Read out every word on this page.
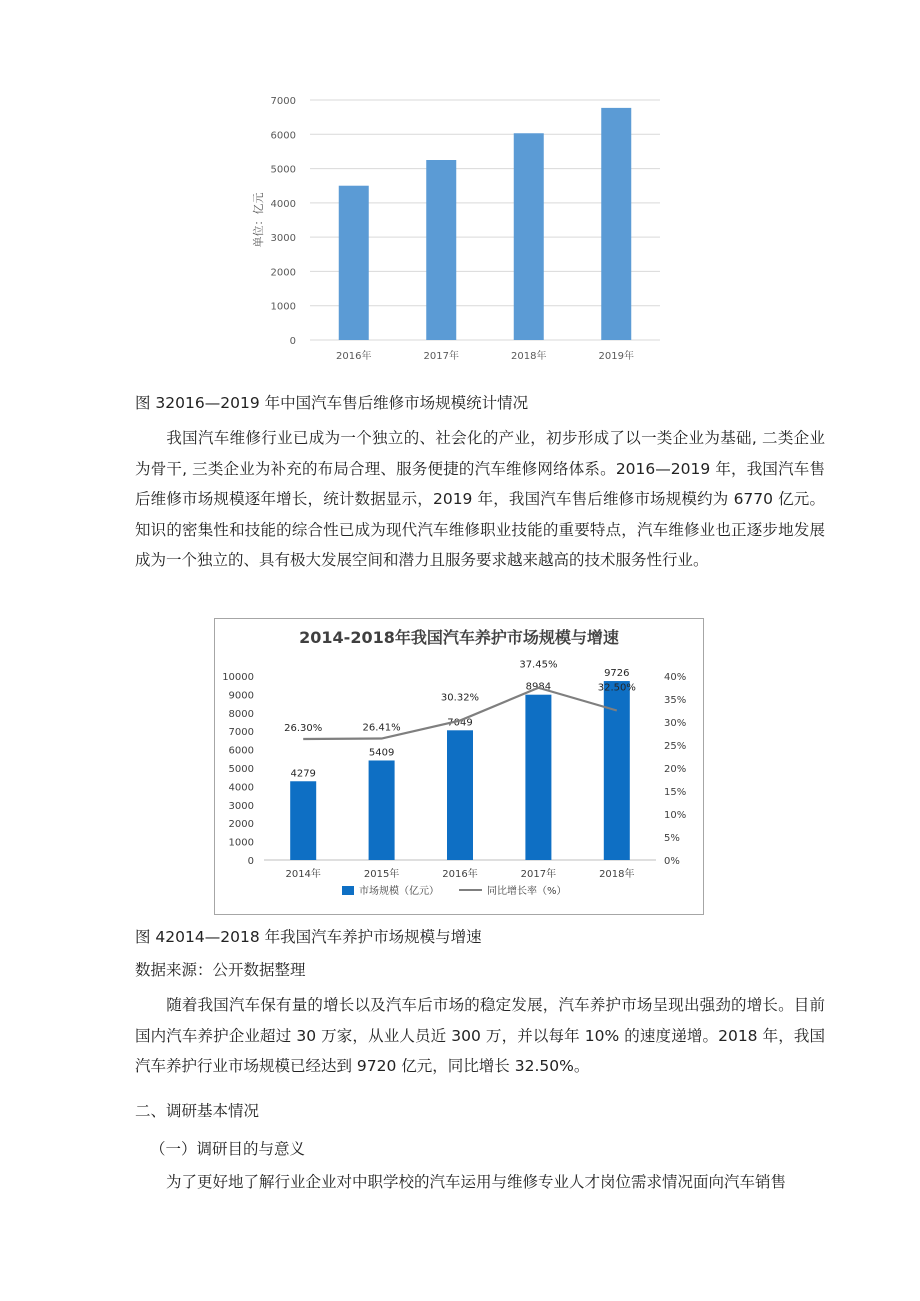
0
1000
2000
3000
4000
5000
6000
7000
2016年	2017年	2018年	2019年
单位：亿元
图 32016—2019 年中国汽车售后维修市场规模统计情况
我国汽车维修行业已成为一个独立的、社会化的产业，初步形成了以一类企业为基础, 二类企业为骨干, 三类企业为补充的布局合理、服务便捷的汽车维修网络体系。2016—2019 年，我国汽车售后维修市场规模逐年增长，统计数据显示，2019 年，我国汽车售后维修市场规模约为 6770 亿元。知识的密集性和技能的综合性已成为现代汽车维修职业技能的重要特点，汽车维修业也正逐步地发展成为一个独立的、具有极大发展空间和潜力且服务要求越来越高的技术服务性行业。
2014-2018年我国汽车养护市场规模与增速
0
1000
2000
3000
4000
5000
6000
7000
8000
9000
10000
0%
5%
10%
15%
20%
25%
30%
35%
40%
4279
2014年
5409
2015年
7049
2016年
8984
2017年
9726
2018年
26.30%	26.41%
30.32%
37.45%
32.50%
市场规模（亿元）	同比增长率（%）
图 42014—2018 年我国汽车养护市场规模与增速
数据来源：公开数据整理
随着我国汽车保有量的增长以及汽车后市场的稳定发展，汽车养护市场呈现出强劲的增长。目前国内汽车养护企业超过 30 万家，从业人员近 300 万，并以每年 10% 的速度递增。2018 年，我国汽车养护行业市场规模已经达到 9720 亿元，同比增长 32.50%。
二、调研基本情况
（一）调研目的与意义
为了更好地了解行业企业对中职学校的汽车运用与维修专业人才岗位需求情况面向汽车销售
